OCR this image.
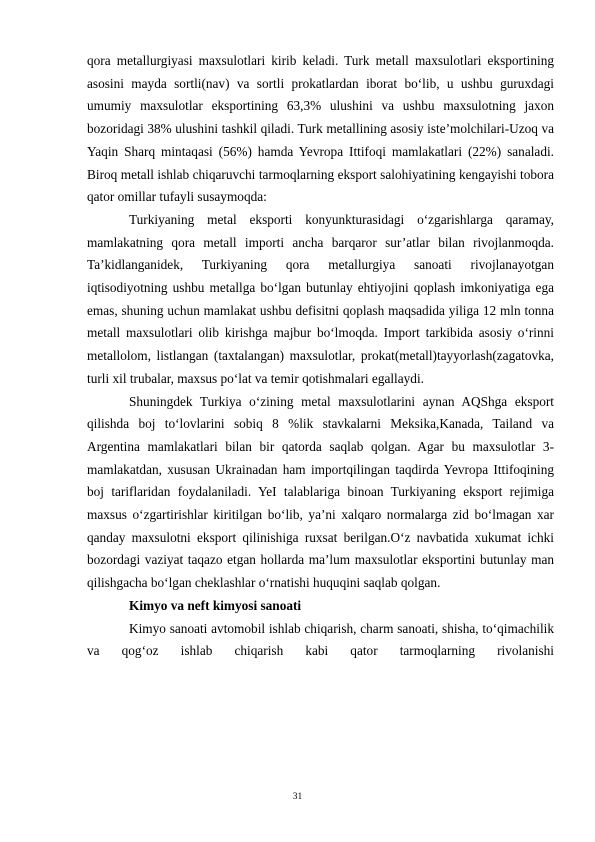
qora metallurgiyasi maxsulotlari kirib keladi. Turk metall maxsulotlari eksportining asosini mayda sortli(nav) va sortli prokatlardan iborat bo‘lib, u ushbu guruxdagi umumiy maxsulotlar eksportining 63,3% ulushini va ushbu maxsulotning jaxon bozoridagi 38% ulushini tashkil qiladi. Turk metallining asosiy iste’molchilari-Uzoq va Yaqin Sharq mintaqasi (56%) hamda Yevropa Ittifoqi mamlakatlari (22%) sanaladi. Biroq metall ishlab chiqaruvchi tarmoqlarning eksport salohiyatining kengayishi tobora qator omillar tufayli susaymoqda:

Turkiyaning metal eksporti konyunkturasidagi o‘zgarishlarga qaramay, mamlakatning qora metall importi ancha barqaror sur’atlar bilan rivojlanmoqda. Ta’kidlanganidek, Turkiyaning qora metallurgiya sanoati rivojlanayotgan iqtisodiyotning ushbu metallga bo‘lgan butunlay ehtiyojini qoplash imkoniyatiga ega emas, shuning uchun mamlakat ushbu defisitni qoplash maqsadida yiliga 12 mln tonna metall maxsulotlari olib kirishga majbur bo‘lmoqda. Import tarkibida asosiy o‘rinni metallolom, listlangan (taxtalangan) maxsulotlar, prokat(metall)tayyorlash(zagatovka, turli xil trubalar, maxsus po‘lat va temir qotishmalari egallaydi.

Shuningdek Turkiya o‘zining metal maxsulotlarini aynan AQShga eksport qilishda boj to‘lovlarini sobiq 8 %lik stavkalarni Meksika,Kanada, Tailand va Argentina mamlakatlari bilan bir qatorda saqlab qolgan. Agar bu maxsulotlar 3-mamlakatdan, xususan Ukrainadan ham importqilingan taqdirda Yevropa Ittifoqining boj tariflaridan foydalaniladi. YeI talablariga binoan Turkiyaning eksport rejimiga maxsus o‘zgartirishlar kiritilgan bo‘lib, ya’ni xalqaro normalarga zid bo‘lmagan xar qanday maxsulotni eksport qilinishiga ruxsat berilgan.O‘z navbatida xukumat ichki bozordagi vaziyat taqazo etgan hollarda ma’lum maxsulotlar eksportini butunlay man qilishgacha bo‘lgan cheklashlar o‘rnatishi huquqini saqlab qolgan.

Kimyo va neft kimyosi sanoati

Kimyo sanoati avtomobil ishlab chiqarish, charm sanoati, shisha, to‘qimachilik va qog‘oz ishlab chiqarish kabi qator tarmoqlarning rivolanishi

31
